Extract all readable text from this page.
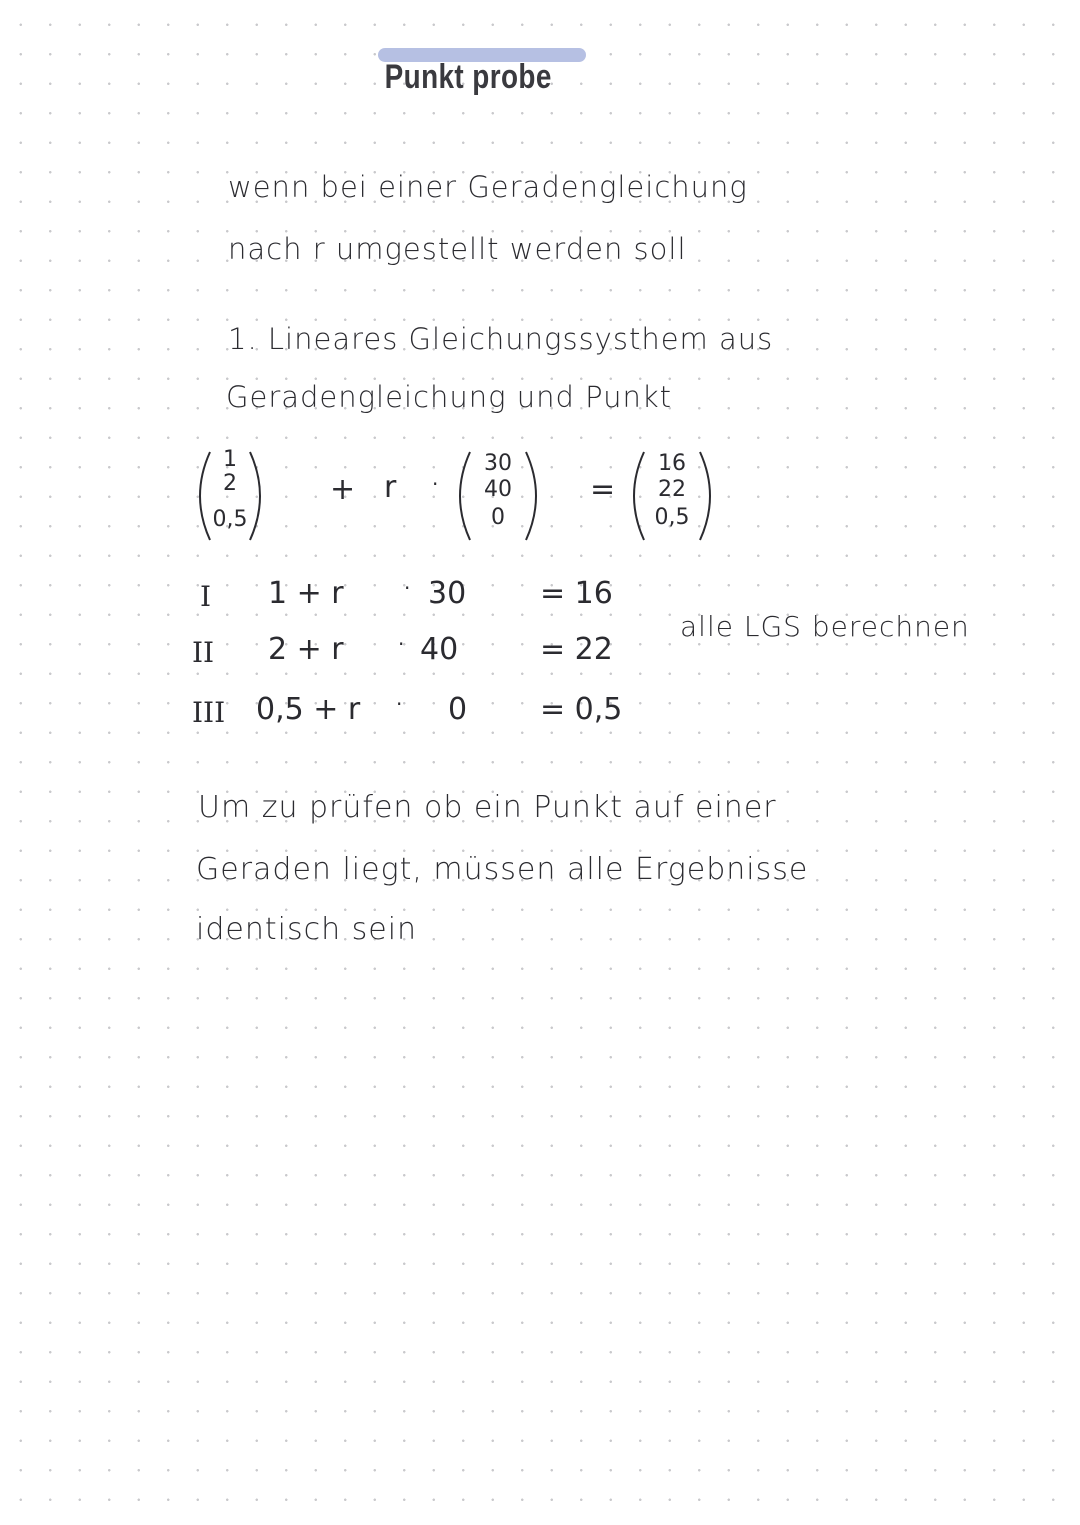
Punkt probe
wenn bei einer Geradengleichung
nach r umgestellt werden soll
1. Lineares Gleichungssysthem aus
Geradengleichung und Punkt
1
2
0,5
+ r ·
30
40
0
=
16
22
0,5
I 1 + r	· 30 = 16
II 2 + r	· 40	= 22
III 0,5 + r · 0 = 0,5
alle LGS berechnen
Um zu prüfen ob ein Punkt auf einer
Geraden liegt, müssen alle Ergebnisse
identisch sein
